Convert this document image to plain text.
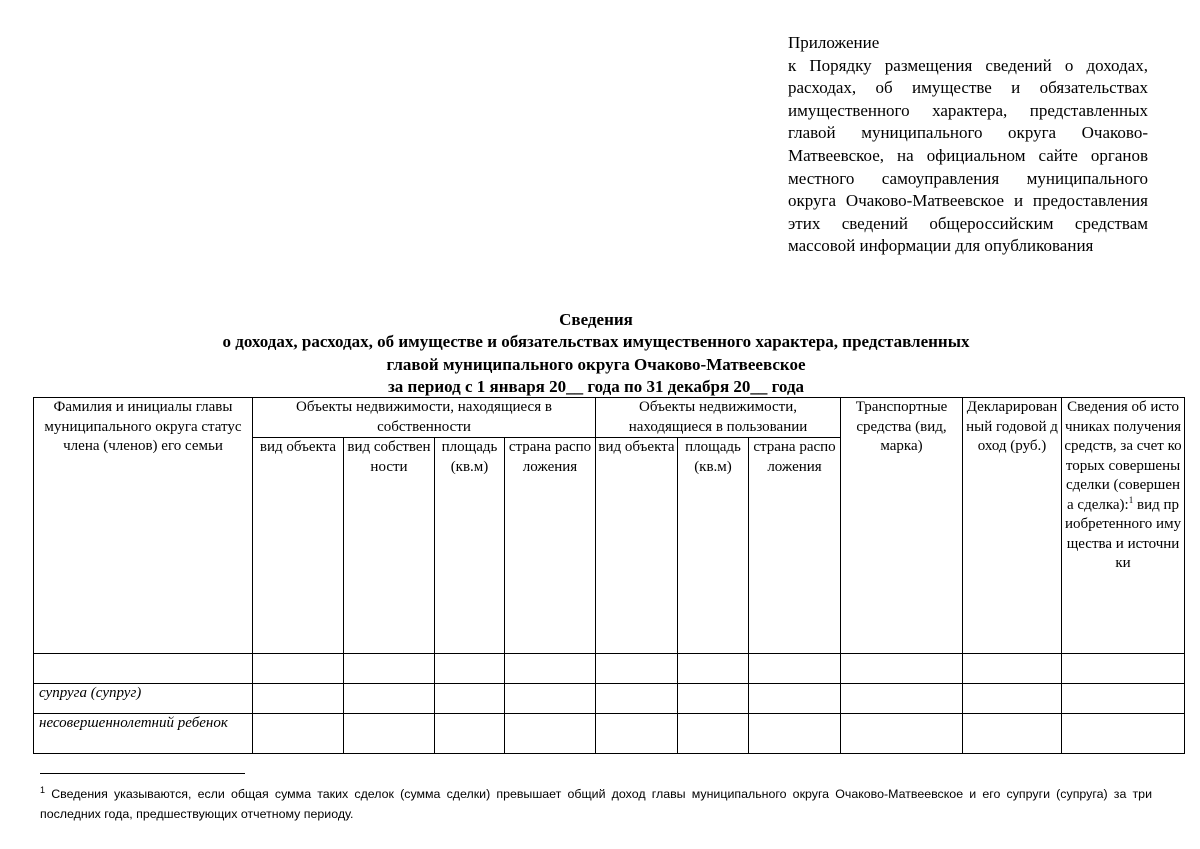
Приложение
к Порядку размещения сведений о доходах, расходах, об имуществе и обязательствах имущественного характера, представленных главой муниципального округа Очаково-Матвеевское, на официальном сайте органов местного самоуправления муниципального округа Очаково-Матвеевское и предоставления этих сведений общероссийским средствам массовой информации для опубликования
Сведения
о доходах, расходах, об имуществе и обязательствах имущественного характера, представленных
главой муниципального округа Очаково-Матвеевское
за период с 1 января 20__ года по 31 декабря 20__ года
Фамилия и инициалы главы муниципального округа статус члена (членов) его семьи	Объекты недвижимости, находящиеся в собственности				Объекты недвижимости, находящиеся в пользовании			Транспортные средства (вид, марка)	Декларированный годовой доход (руб.)	Сведения об источниках получения средств, за счет которых совершены сделки (совершена сделка):$^1$ вид приобретенного имущества и источники
	вид объекта	вид собственности	площадь (кв.м)	страна расположения	вид объекта	площадь (кв.м)	страна расположения			

супруга (супруг)										
несовершеннолетний ребенок										
$^1$ Сведения указываются, если общая сумма таких сделок (сумма сделки) превышает общий доход главы муниципального округа Очаково-Матвеевское и его супруги (супруга) за три последних года, предшествующих отчетному периоду.
